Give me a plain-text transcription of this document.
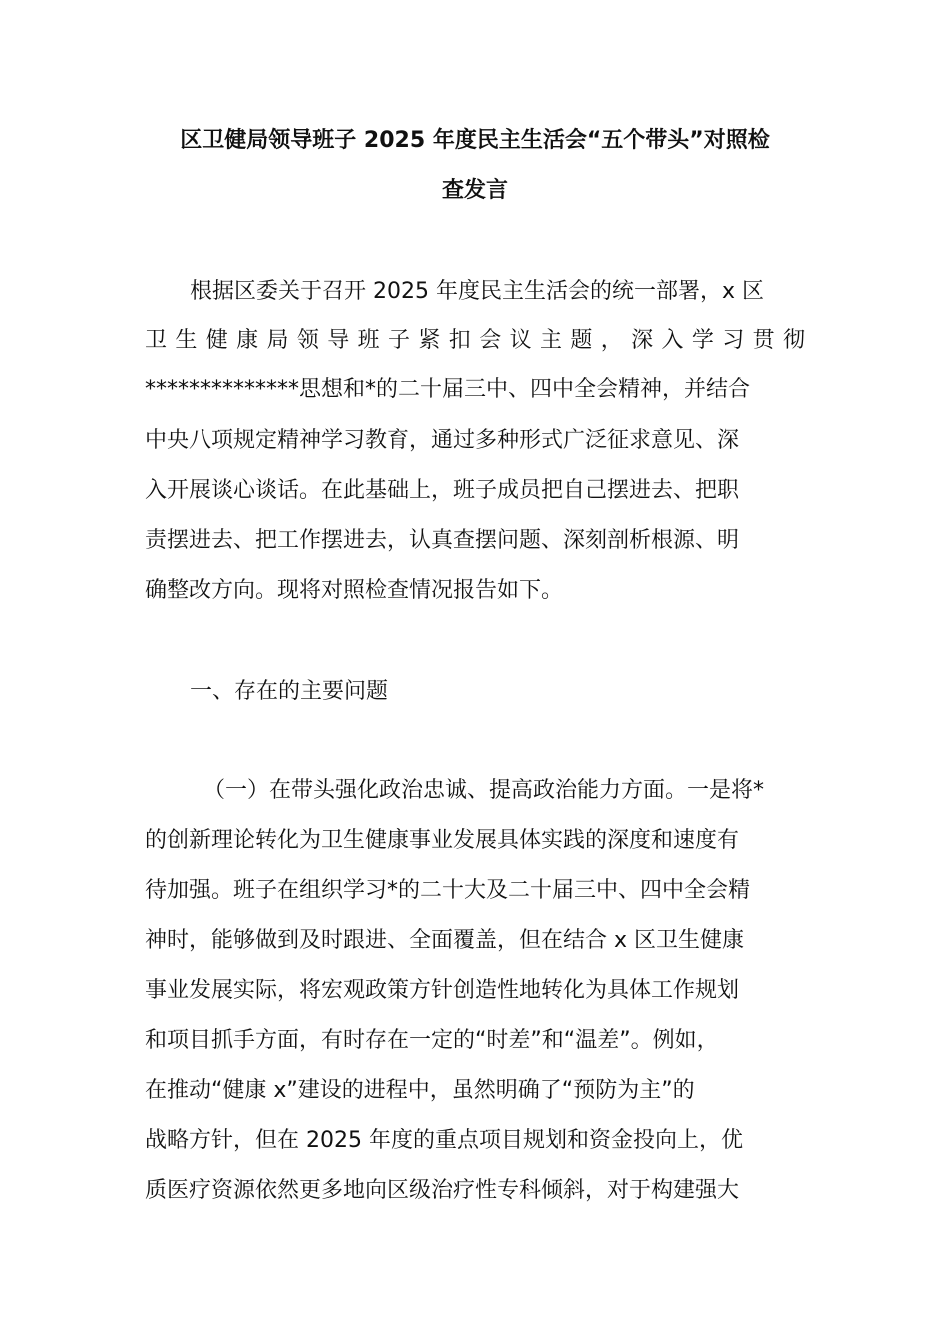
区卫健局领导班子 2025 年度民主生活会“五个带头”对照检
查发言
根据区委关于召开 2025 年度民主生活会的统一部署，x 区
卫 生 健 康 局 领 导 班 子 紧 扣 会 议 主 题 ， 深 入 学 习 贯 彻
**************思想和*的二十届三中、四中全会精神，并结合
中央八项规定精神学习教育，通过多种形式广泛征求意见、深
入开展谈心谈话。在此基础上，班子成员把自己摆进去、把职
责摆进去、把工作摆进去，认真查摆问题、深刻剖析根源、明
确整改方向。现将对照检查情况报告如下。
一、存在的主要问题
（一）在带头强化政治忠诚、提高政治能力方面。一是将*
的创新理论转化为卫生健康事业发展具体实践的深度和速度有
待加强。班子在组织学习*的二十大及二十届三中、四中全会精
神时，能够做到及时跟进、全面覆盖，但在结合 x 区卫生健康
事业发展实际，将宏观政策方针创造性地转化为具体工作规划
和项目抓手方面，有时存在一定的“时差”和“温差”。例如，
在推动“健康 x”建设的进程中，虽然明确了“预防为主”的
战略方针，但在 2025 年度的重点项目规划和资金投向上，优
质医疗资源依然更多地向区级治疗性专科倾斜，对于构建强大
